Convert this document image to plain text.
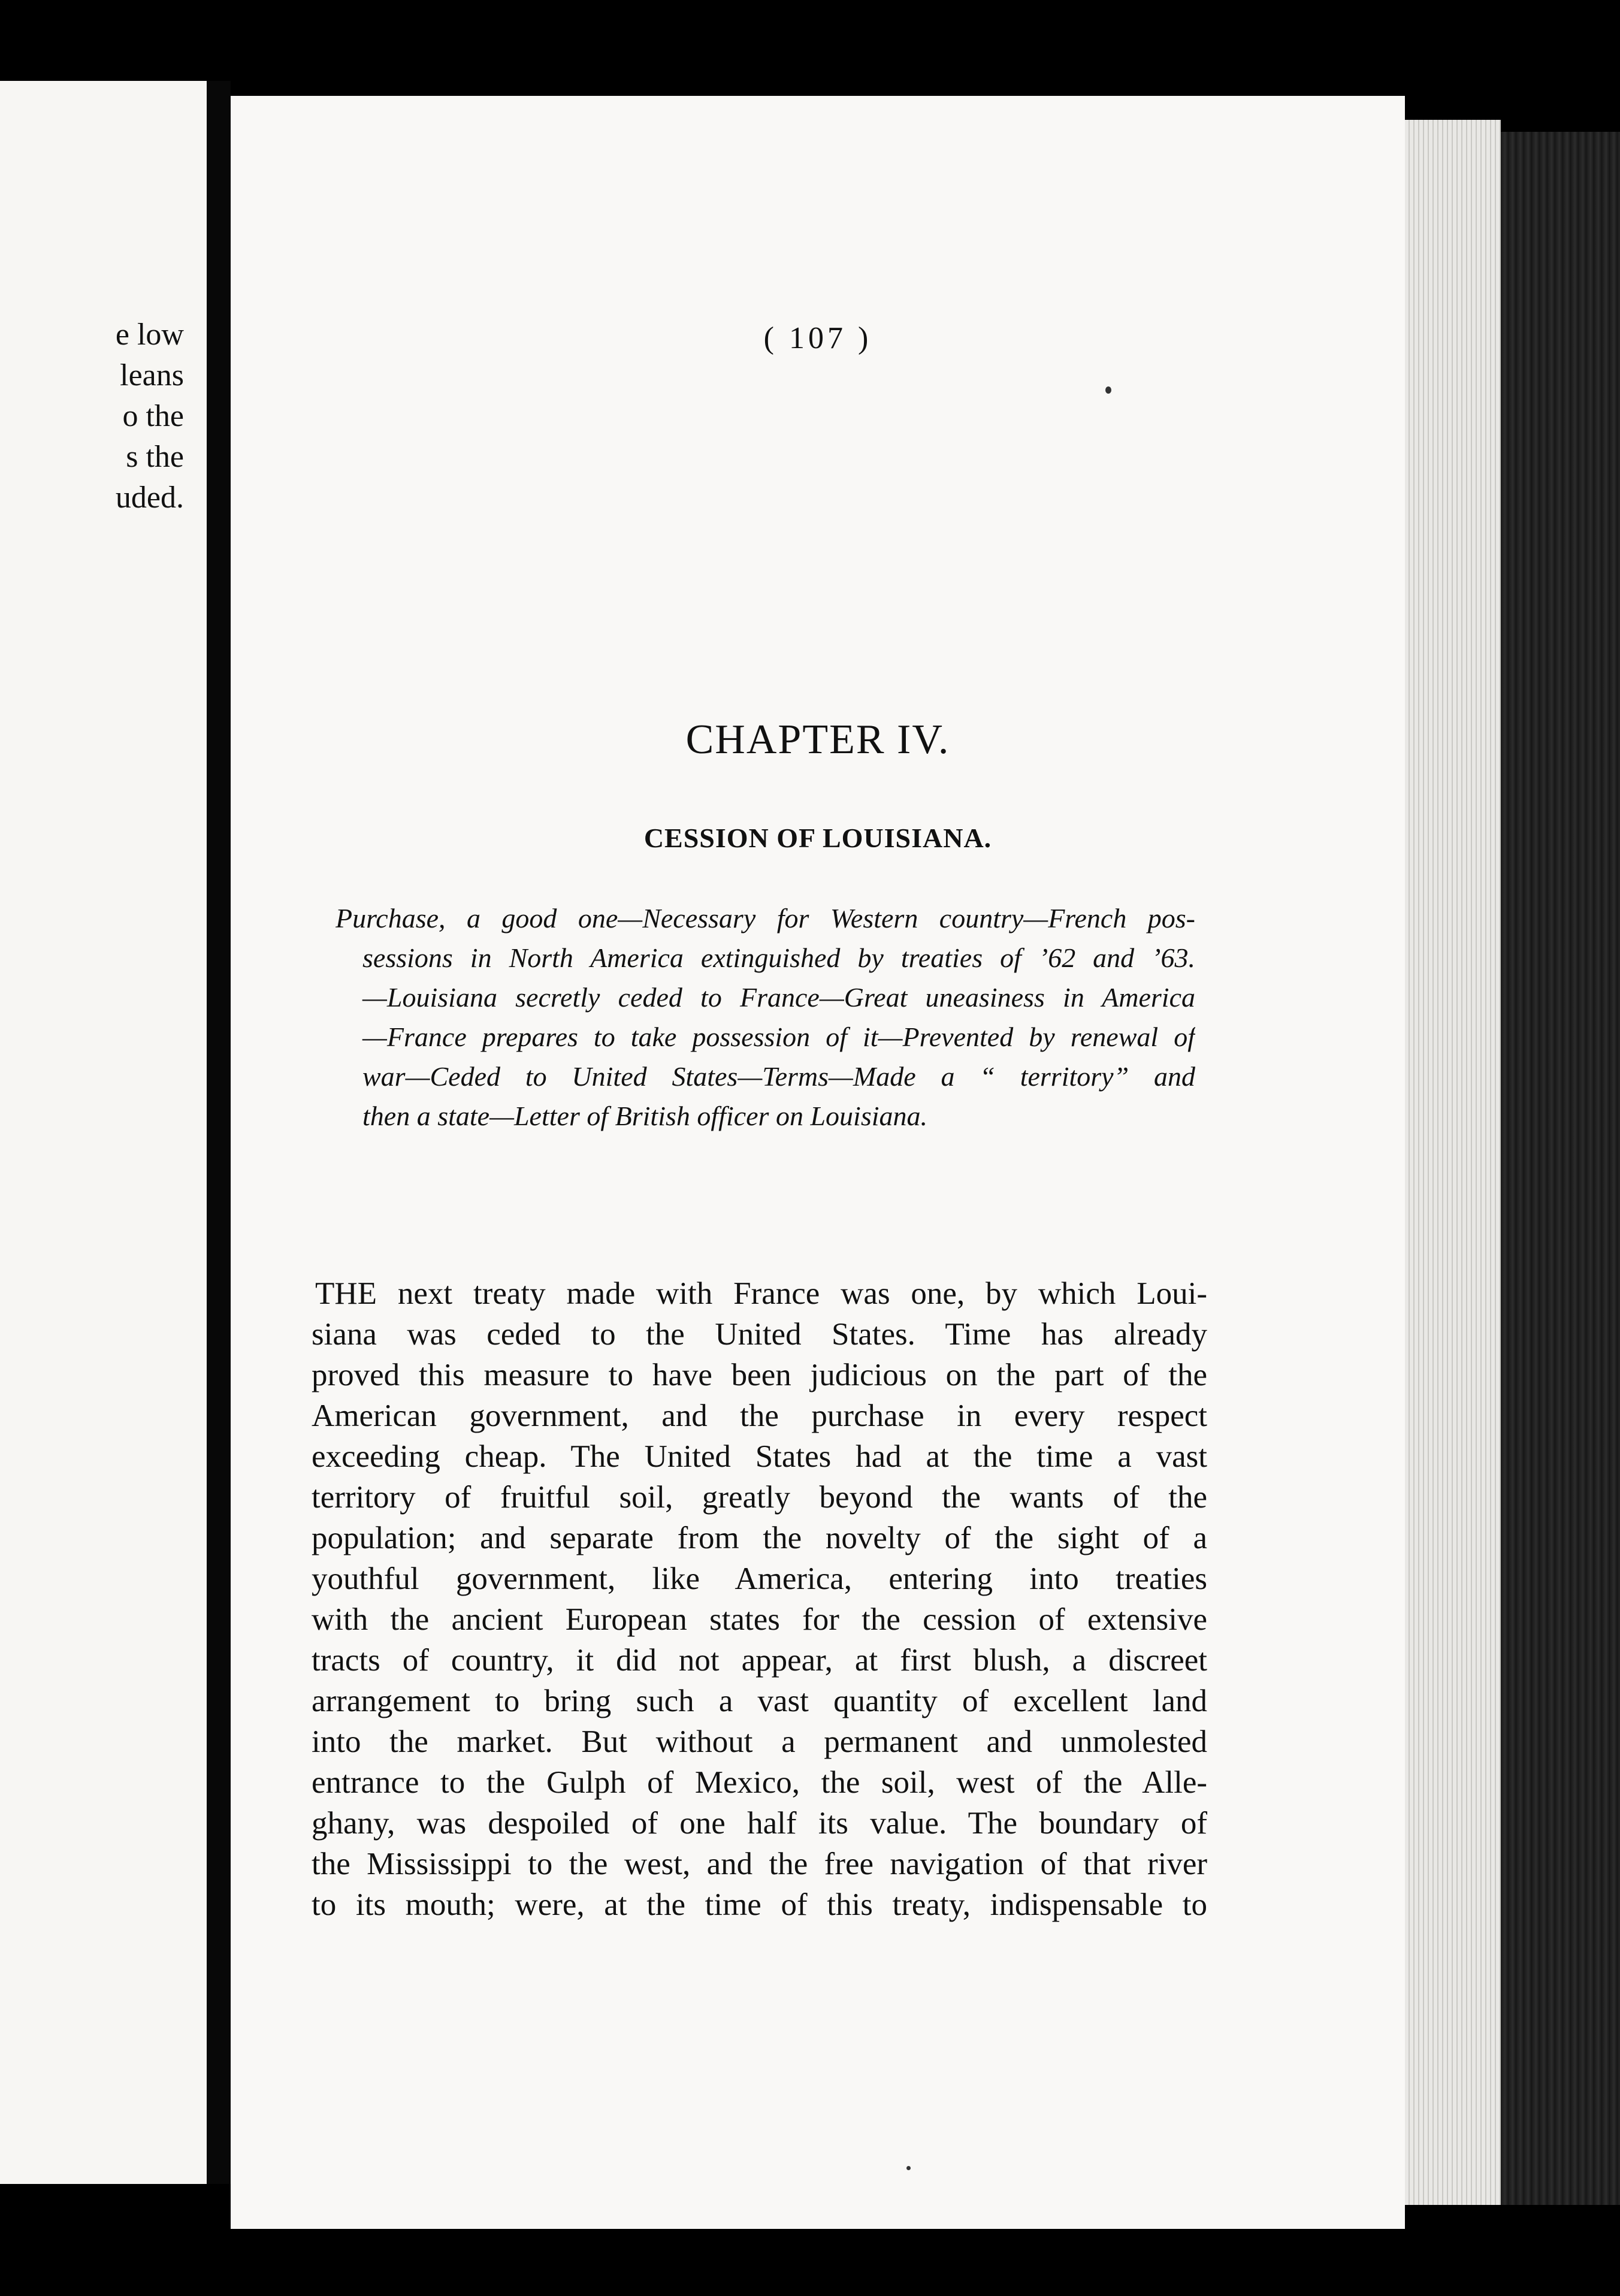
e low
leans
o the
s the
uded.

( 107 )

CHAPTER IV.
CESSION OF LOUISIANA.
Purchase, a good one—Necessary for Western country—French pos-
sessions in North America extinguished by treaties of ’62 and ’63.
—Louisiana secretly ceded to France—Great uneasiness in America
—France prepares to take possession of it—Prevented by renewal of
war—Ceded to United States—Terms—Made a “ territory” and
then a state—Letter of British officer on Louisiana.
THE next treaty made with France was one, by which Loui-
siana was ceded to the United States. Time has already
proved this measure to have been judicious on the part of the
American government, and the purchase in every respect
exceeding cheap. The United States had at the time a vast
territory of fruitful soil, greatly beyond the wants of the
population; and separate from the novelty of the sight of a
youthful government, like America, entering into treaties
with the ancient European states for the cession of extensive
tracts of country, it did not appear, at first blush, a discreet
arrangement to bring such a vast quantity of excellent land
into the market. But without a permanent and unmolested
entrance to the Gulph of Mexico, the soil, west of the Alle-
ghany, was despoiled of one half its value. The boundary of
the Mississippi to the west, and the free navigation of that river
to its mouth; were, at the time of this treaty, indispensable to
